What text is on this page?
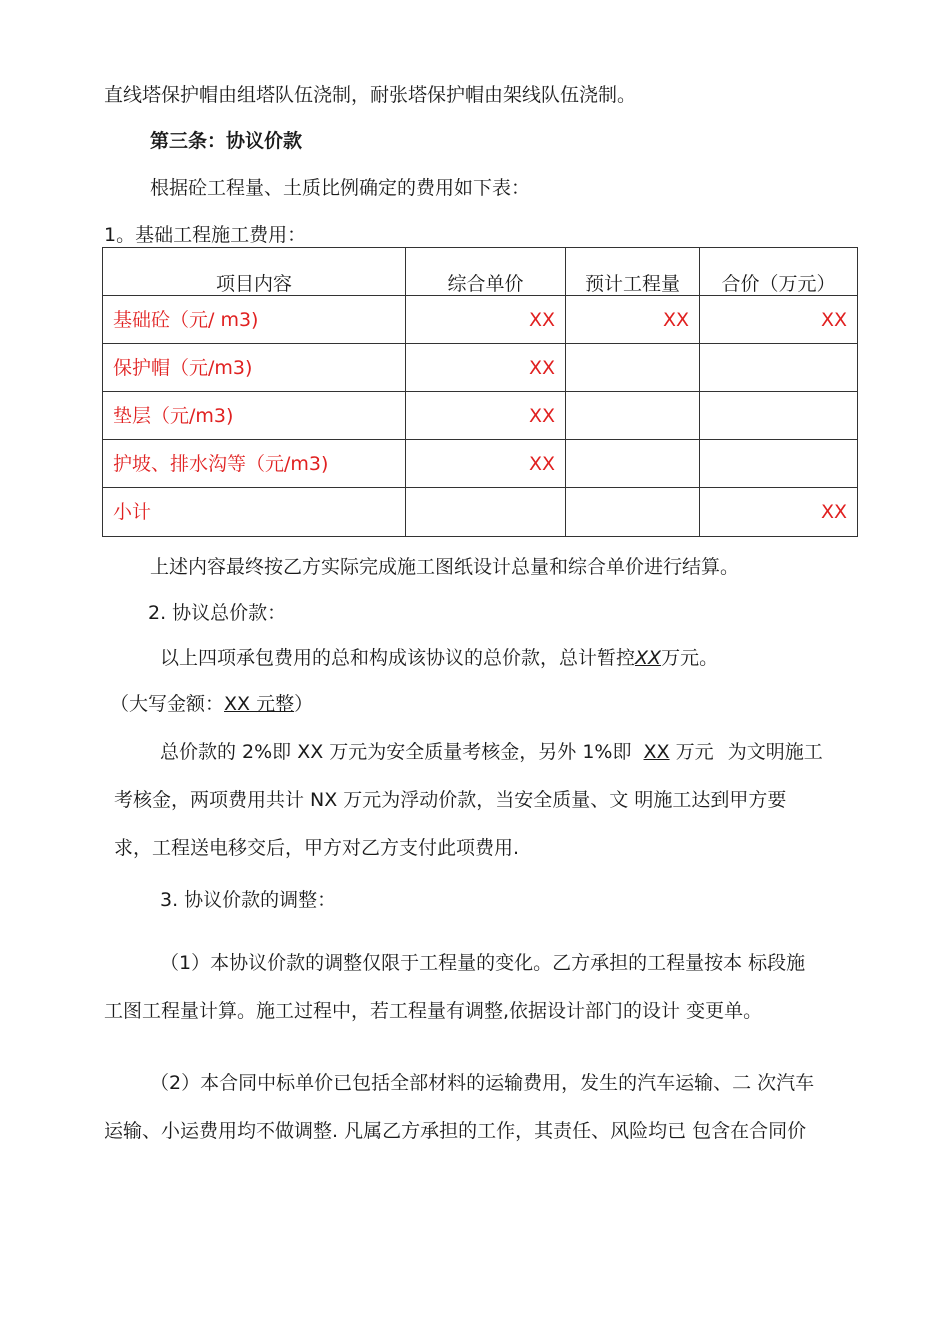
直线塔保护帽由组塔队伍浇制，耐张塔保护帽由架线队伍浇制。
第三条：协议价款
根据砼工程量、土质比例确定的费用如下表：
1。基础工程施工费用：
项目内容	综合单价	预计工程量	合价（万元）
基础砼（元/ m3)	XX	XX	XX
保护帽（元/m3)	XX		
垫层（元/m3)	XX		
护坡、排水沟等（元/m3)	XX		
小计			XX
上述内容最终按乙方实际完成施工图纸设计总量和综合单价进行结算。
2. 协议总价款：
以上四项承包费用的总和构成该协议的总价款，总计暂控XX万元。
（大写金额：XX 元整）
总价款的 2%即 XX 万元为安全质量考核金，另外 1%即 XX 万元 为文明施工
考核金，两项费用共计 NX 万元为浮动价款，当安全质量、文 明施工达到甲方要
求，工程送电移交后，甲方对乙方支付此项费用.
3. 协议价款的调整：
（1）本协议价款的调整仅限于工程量的变化。乙方承担的工程量按本 标段施
工图工程量计算。施工过程中，若工程量有调整,依据设计部门的设计 变更单。
（2）本合同中标单价已包括全部材料的运输费用，发生的汽车运输、二 次汽车
运输、小运费用均不做调整. 凡属乙方承担的工作，其责任、风险均已 包含在合同价
